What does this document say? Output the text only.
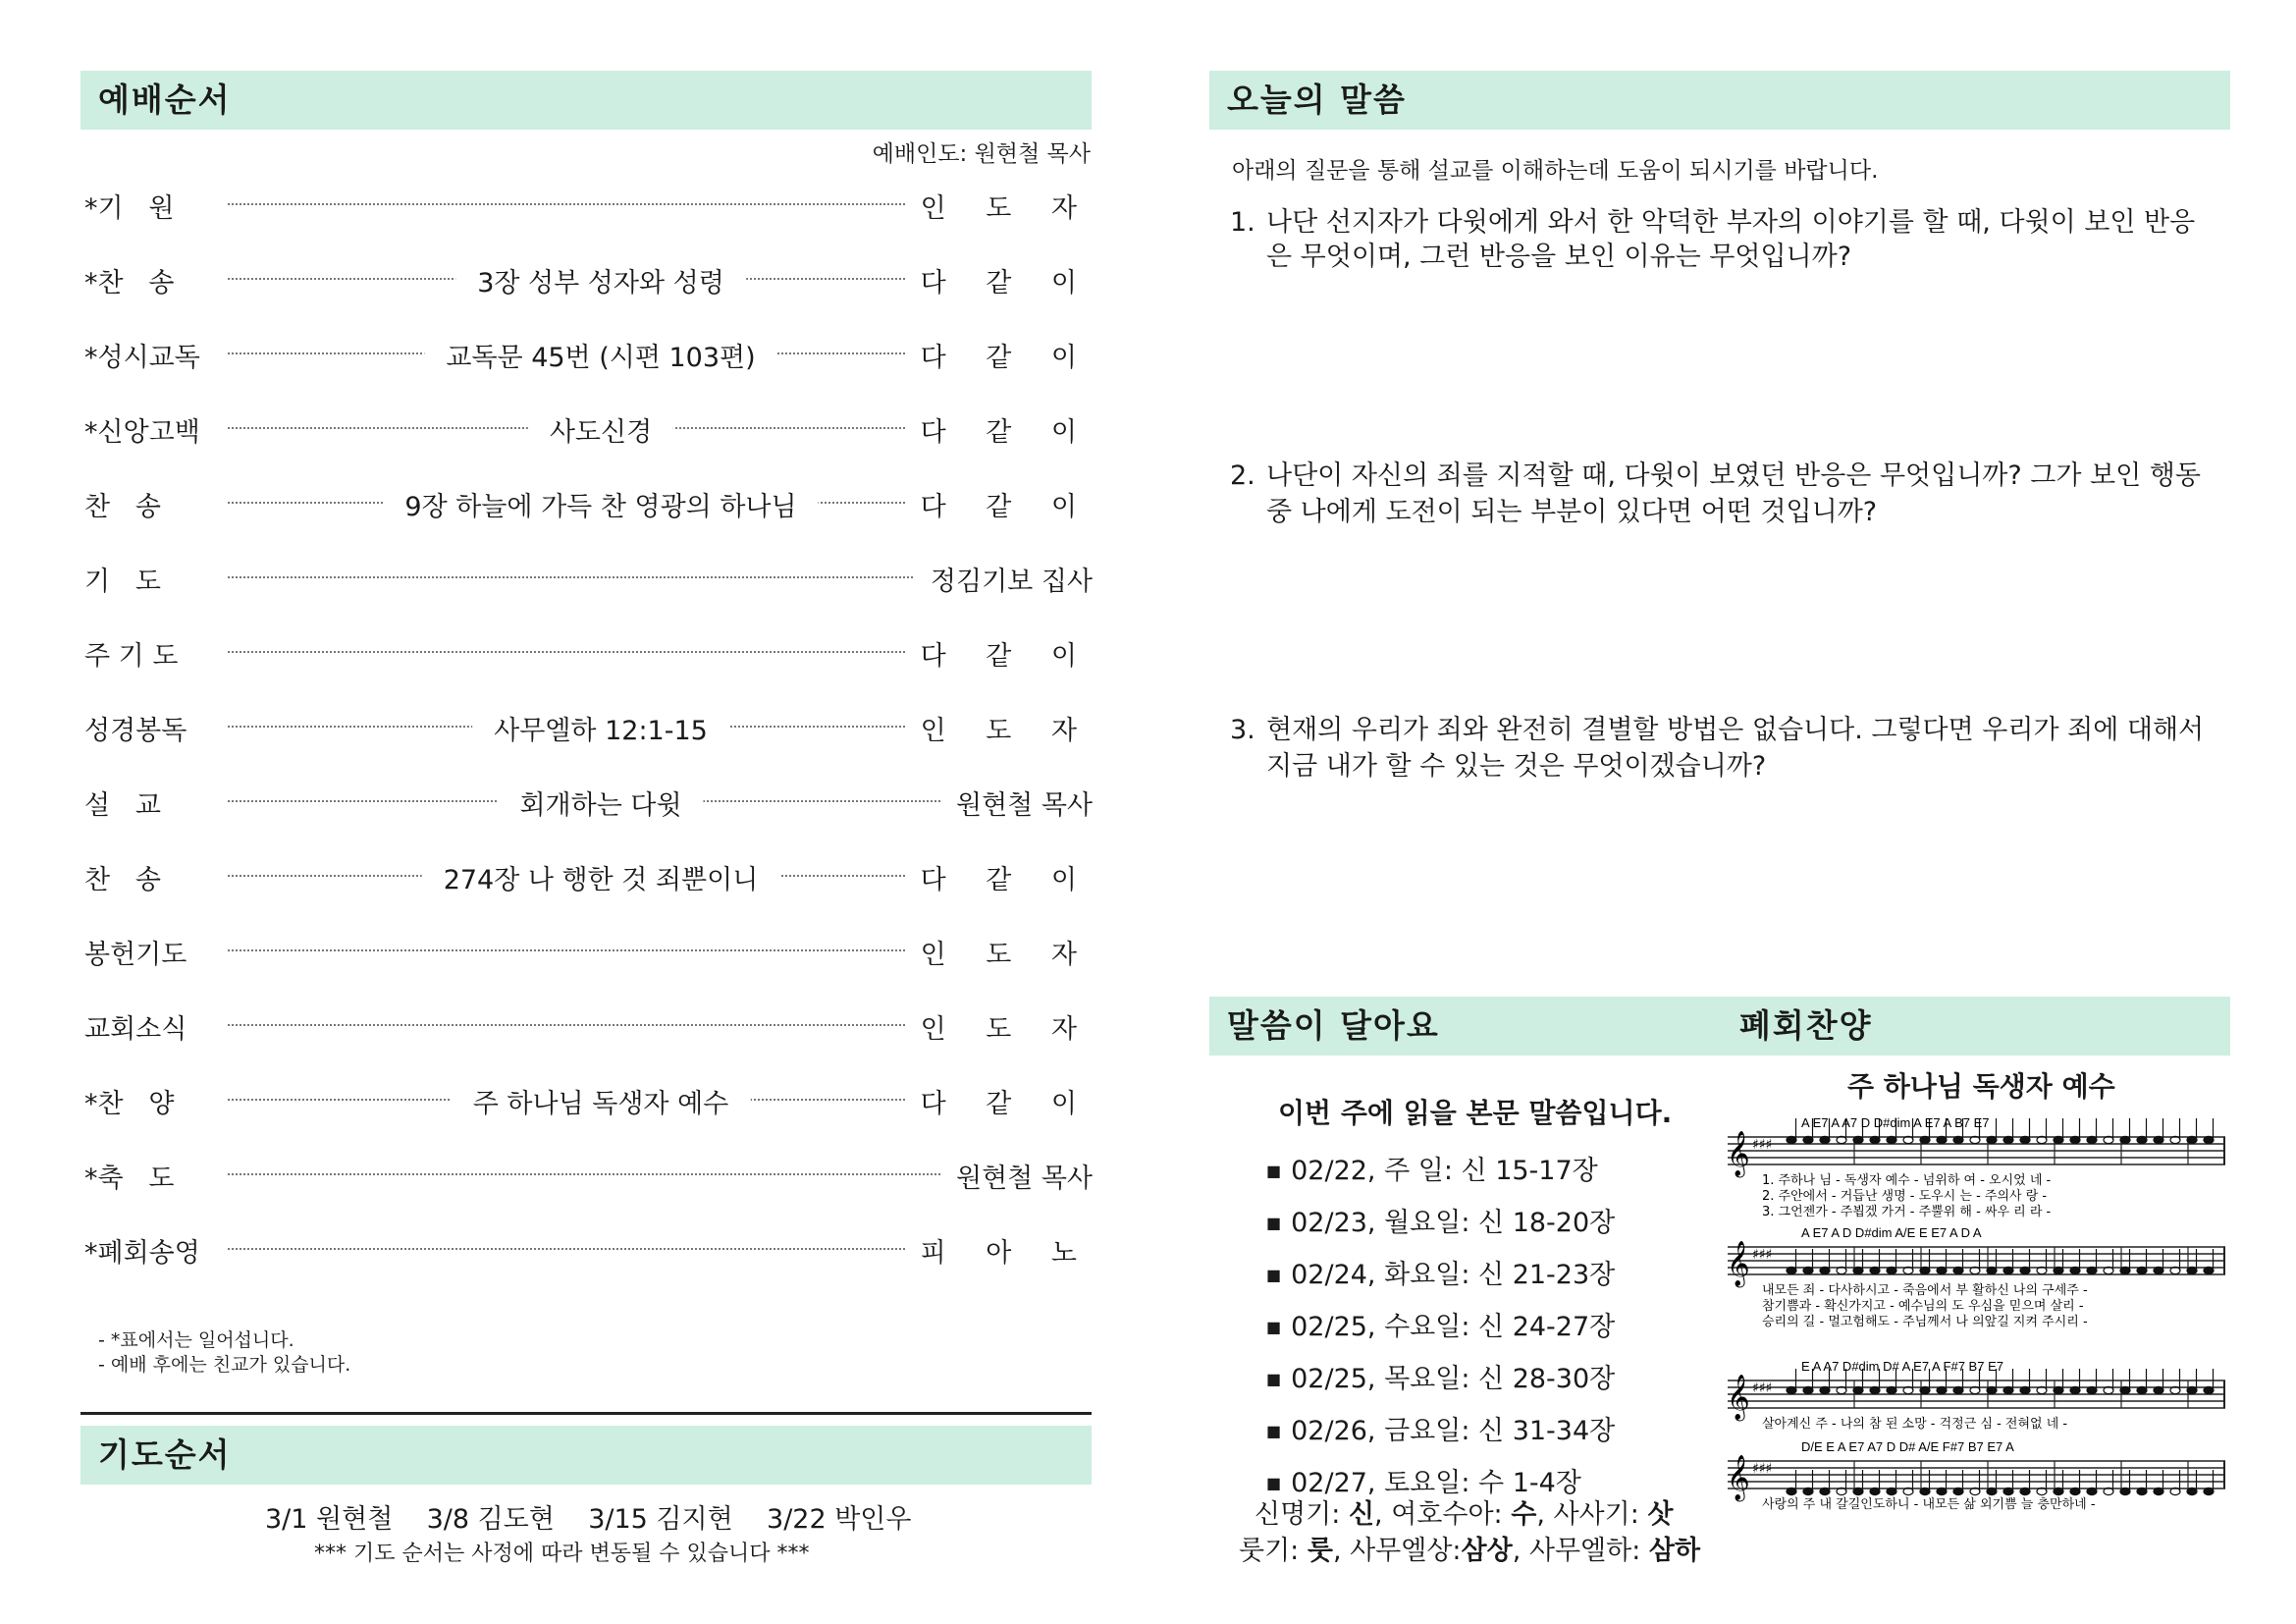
예배순서
예배인도: 원현철 목사
*기   원	인 도 자
*찬   송	3장 성부 성자와 성령	다 같 이
*성시교독	교독문 45번 (시편 103편)	다 같 이
*신앙고백	사도신경	다 같 이
찬   송	9장 하늘에 가득 찬 영광의 하나님	다 같 이
기   도	정김기보 집사
주 기 도	다 같 이
성경봉독	사무엘하 12:1-15	인 도 자
설   교	회개하는 다윗	원현철 목사
찬   송	274장 나 행한 것 죄뿐이니	다 같 이
봉헌기도	인 도 자
교회소식	인 도 자
*찬   양	주 하나님 독생자 예수	다 같 이
*축   도	원현철 목사
*폐회송영	피 아 노
- *표에서는 일어섭니다.
- 예배 후에는 친교가 있습니다.
기도순서
3/1 원현철    3/8 김도현    3/15 김지현    3/22 박인우
*** 기도 순서는 사정에 따라 변동될 수 있습니다 ***
오늘의 말씀
아래의 질문을 통해 설교를 이해하는데 도움이 되시기를 바랍니다.
1. 나단 선지자가 다윗에게 와서 한 악덕한 부자의 이야기를 할 때, 다윗이 보인 반응
은 무엇이며, 그런 반응을 보인 이유는 무엇입니까?
2. 나단이 자신의 죄를 지적할 때, 다윗이 보였던 반응은 무엇입니까? 그가 보인 행동
중 나에게 도전이 되는 부분이 있다면 어떤 것입니까?
3. 현재의 우리가 죄와 완전히 결별할 방법은 없습니다. 그렇다면 우리가 죄에 대해서
지금 내가 할 수 있는 것은 무엇이겠습니까?
말씀이 달아요	폐회찬양
이번 주에 읽을 본문 말씀입니다.
■ 02/22, 주 일: 신 15-17장
■ 02/23, 월요일: 신 18-20장
■ 02/24, 화요일: 신 21-23장
■ 02/25, 수요일: 신 24-27장
■ 02/25, 목요일: 신 28-30장
■ 02/26, 금요일: 신 31-34장
■ 02/27, 토요일: 수 1-4장
신명기: 신, 여호수아: 수, 사사기: 삿
룻기: 룻, 사무엘상:삼상, 사무엘하: 삼하
주 하나님 독생자 예수
𝄞 ♯♯♯
A E7 A A7 D D#dim A E7 A B7 E7
1. 주하나 님 - 독생자 예수 - 넘위하 여 - 오시었 네 -
2. 주안에서 - 거듭난 생명 - 도우시 는 - 주의사 랑 -
3. 그언젠가 - 주뵙겠 가거 - 주뿔위 해 - 싸우 리 라 -
𝄞 ♯♯♯
A E7 A D D#dim A/E E E7 A D A
내모든 죄 - 다사하시고 - 죽음에서 부 활하신 나의 구세주 -
참기쁨과 - 확신가지고 - 예수님의 도 우심을 믿으며 살리 -
승리의 길 - 멀고험해도 - 주님께서 나 의앞길 지켜 주시리 -
𝄞 ♯♯♯
E A A7 D#dim D# A E7 A F#7 B7 E7
살아계신 주 - 나의 참 된 소망 - 걱정근 심 - 전혀없 네 -
𝄞 ♯♯♯
D/E E A E7 A7 D D# A/E F#7 B7 E7 A
사랑의 주 내 갈길인도하니 - 내모든 삶 외기쁨 늘 충만하네 -
